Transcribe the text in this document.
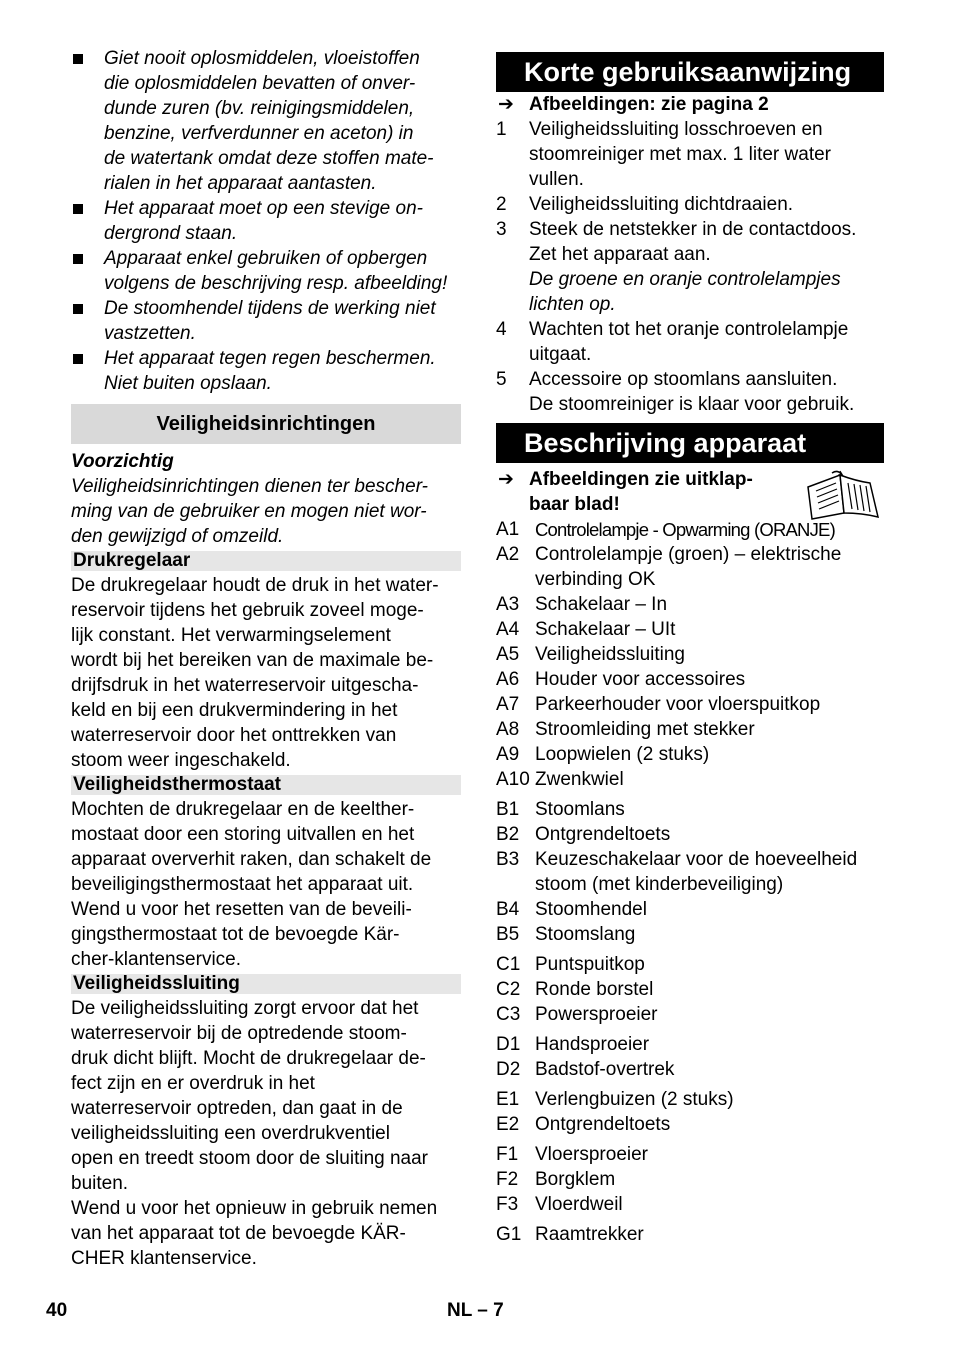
Giet nooit oplosmiddelen, vloeistoffen
die oplosmiddelen bevatten of onver-
dunde zuren (bv. reinigingsmiddelen,
benzine, verfverdunner en aceton) in
de watertank omdat deze stoffen mate-
rialen in het apparaat aantasten.
Het apparaat moet op een stevige on-
dergrond staan.
Apparaat enkel gebruiken of opbergen
volgens de beschrijving resp. afbeelding!
De stoomhendel tijdens de werking niet
vastzetten.
Het apparaat tegen regen beschermen.
Niet buiten opslaan.
Veiligheidsinrichtingen
Voorzichtig
Veiligheidsinrichtingen dienen ter bescher-
ming van de gebruiker en mogen niet wor-
den gewijzigd of omzeild.
Drukregelaar
De drukregelaar houdt de druk in het water-
reservoir tijdens het gebruik zoveel moge-
lijk constant. Het verwarmingselement
wordt bij het bereiken van de maximale be-
drijfsdruk in het waterreservoir uitgescha-
keld en bij een drukvermindering in het
waterreservoir door het onttrekken van
stoom weer ingeschakeld.
Veiligheidsthermostaat
Mochten de drukregelaar en de keelther-
mostaat door een storing uitvallen en het
apparaat oververhit raken, dan schakelt de
beveiligingsthermostaat het apparaat uit.
Wend u voor het resetten van de beveili-
gingsthermostaat tot de bevoegde Kär-
cher-klantenservice.
Veiligheidssluiting
De veiligheidssluiting zorgt ervoor dat het
waterreservoir bij de optredende stoom-
druk dicht blijft. Mocht de drukregelaar de-
fect zijn en er overdruk in het
waterreservoir optreden, dan gaat in de
veiligheidssluiting een overdrukventiel
open en treedt stoom door de sluiting naar
buiten.
Wend u voor het opnieuw in gebruik nemen
van het apparaat tot de bevoegde KÄR-
CHER klantenservice.
Korte gebruiksaanwijzing
➔ Afbeeldingen: zie pagina 2
1 Veiligheidssluiting losschroeven en
stoomreiniger met max. 1 liter water
vullen.
2 Veiligheidssluiting dichtdraaien.
3 Steek de netstekker in de contactdoos.
Zet het apparaat aan.
De groene en oranje controlelampjes
lichten op.
4 Wachten tot het oranje controlelampje
uitgaat.
5 Accessoire op stoomlans aansluiten.
De stoomreiniger is klaar voor gebruik.
Beschrijving apparaat
➔ Afbeeldingen zie uitklap-
baar blad!
A1 Controlelampje - Opwarming (ORANJE)
A2 Controlelampje (groen) – elektrische
verbinding OK
A3 Schakelaar – In
A4 Schakelaar – UIt
A5 Veiligheidssluiting
A6 Houder voor accessoires
A7 Parkeerhouder voor vloerspuitkop
A8 Stroomleiding met stekker
A9 Loopwielen (2 stuks)
A10 Zwenkwiel
B1 Stoomlans
B2 Ontgrendeltoets
B3 Keuzeschakelaar voor de hoeveelheid
stoom (met kinderbeveiliging)
B4 Stoomhendel
B5 Stoomslang
C1 Puntspuitkop
C2 Ronde borstel
C3 Powersproeier
D1 Handsproeier
D2 Badstof-overtrek
E1 Verlengbuizen (2 stuks)
E2 Ontgrendeltoets
F1 Vloersproeier
F2 Borgklem
F3 Vloerdweil
G1 Raamtrekker
40	NL – 7
